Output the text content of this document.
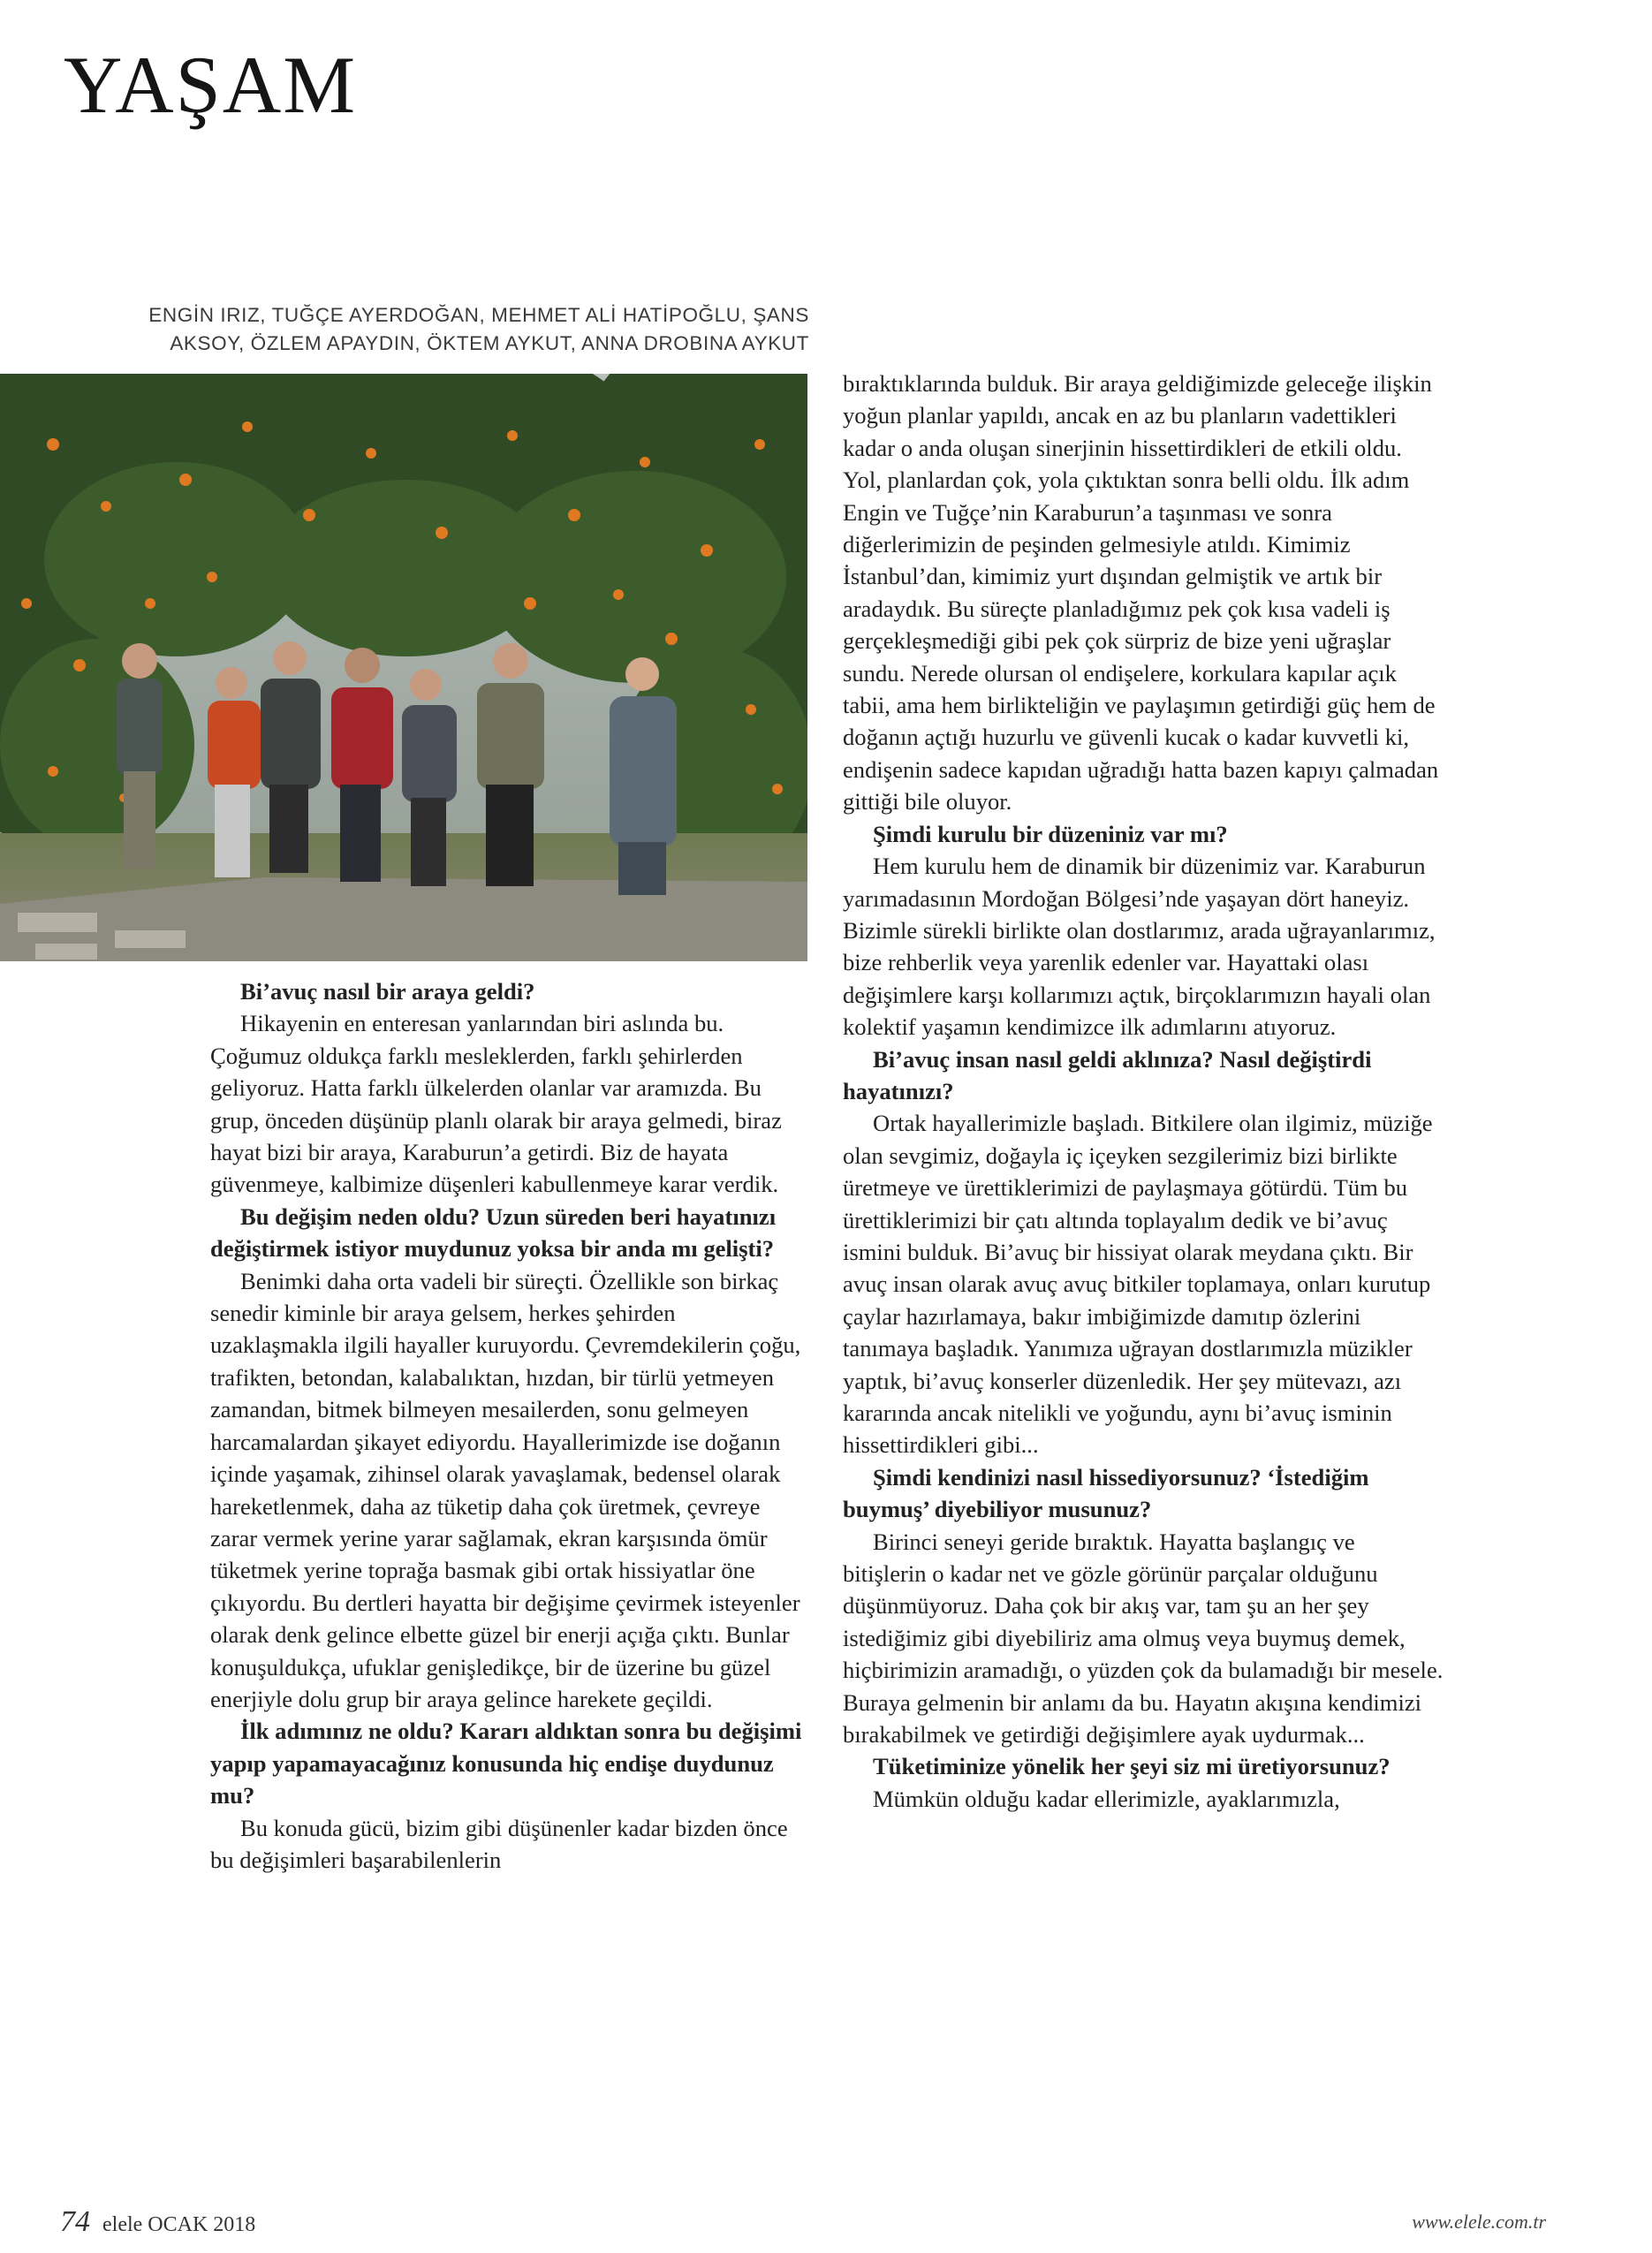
YAŞAM
ENGİN IRIZ, TUĞÇE AYERDOĞAN, MEHMET ALİ HATİPOĞLU, ŞANS
AKSOY, ÖZLEM APAYDIN, ÖKTEM AYKUT, ANNA DROBINA AYKUT

Bi’avuç nasıl bir araya geldi?

Hikayenin en enteresan yanlarından biri aslında bu. Çoğumuz oldukça farklı mesleklerden, farklı şehirlerden geliyoruz. Hatta farklı ülkelerden olanlar var aramızda. Bu grup, önceden düşünüp planlı olarak bir araya gelmedi, biraz hayat bizi bir araya, Karaburun’a getirdi. Biz de hayata güvenmeye, kalbimize düşenleri kabullenmeye karar verdik.

Bu değişim neden oldu? Uzun süreden beri hayatınızı değiştirmek istiyor muydunuz yoksa bir anda mı gelişti?

Benimki daha orta vadeli bir süreçti. Özellikle son birkaç senedir kiminle bir araya gelsem, herkes şehirden uzaklaşmakla ilgili hayaller kuruyordu. Çevremdekilerin çoğu, trafikten, betondan, kalabalıktan, hızdan, bir türlü yetmeyen zamandan, bitmek bilmeyen mesailerden, sonu gelmeyen harcamalardan şikayet ediyordu. Hayallerimizde ise doğanın içinde yaşamak, zihinsel olarak yavaşlamak, bedensel olarak hareketlenmek, daha az tüketip daha çok üretmek, çevreye zarar vermek yerine yarar sağlamak, ekran karşısında ömür tüketmek yerine toprağa basmak gibi ortak hissiyatlar öne çıkıyordu. Bu dertleri hayatta bir değişime çevirmek isteyenler olarak denk gelince elbette güzel bir enerji açığa çıktı. Bunlar konuşuldukça, ufuklar genişledikçe, bir de üzerine bu güzel enerjiyle dolu grup bir araya gelince harekete geçildi.

İlk adımınız ne oldu? Kararı aldıktan sonra bu değişimi yapıp yapamayacağınız konusunda hiç endişe duydunuz mu?

Bu konuda gücü, bizim gibi düşünenler kadar bizden önce bu değişimleri başarabilenlerin

bıraktıklarında bulduk. Bir araya geldiğimizde geleceğe ilişkin yoğun planlar yapıldı, ancak en az bu planların vadettikleri kadar o anda oluşan sinerjinin hissettirdikleri de etkili oldu. Yol, planlardan çok, yola çıktıktan sonra belli oldu. İlk adım Engin ve Tuğçe’nin Karaburun’a taşınması ve sonra diğerlerimizin de peşinden gelmesiyle atıldı. Kimimiz İstanbul’dan, kimimiz yurt dışından gelmiştik ve artık bir aradaydık. Bu süreçte planladığımız pek çok kısa vadeli iş gerçekleşmediği gibi pek çok sürpriz de bize yeni uğraşlar sundu. Nerede olursan ol endişelere, korkulara kapılar açık tabii, ama hem birlikteliğin ve paylaşımın getirdiği güç hem de doğanın açtığı huzurlu ve güvenli kucak o kadar kuvvetli ki, endişenin sadece kapıdan uğradığı hatta bazen kapıyı çalmadan gittiği bile oluyor.

Şimdi kurulu bir düzeniniz var mı?

Hem kurulu hem de dinamik bir düzenimiz var. Karaburun yarımadasının Mordoğan Bölgesi’nde yaşayan dört haneyiz. Bizimle sürekli birlikte olan dostlarımız, arada uğrayanlarımız, bize rehberlik veya yarenlik edenler var. Hayattaki olası değişimlere karşı kollarımızı açtık, birçoklarımızın hayali olan kolektif yaşamın kendimizce ilk adımlarını atıyoruz.

Bi’avuç insan nasıl geldi aklınıza? Nasıl değiştirdi hayatınızı?

Ortak hayallerimizle başladı. Bitkilere olan ilgimiz, müziğe olan sevgimiz, doğayla iç içeyken sezgilerimiz bizi birlikte üretmeye ve ürettiklerimizi de paylaşmaya götürdü. Tüm bu ürettiklerimizi bir çatı altında toplayalım dedik ve bi’avuç ismini bulduk. Bi’avuç bir hissiyat olarak meydana çıktı. Bir avuç insan olarak avuç avuç bitkiler toplamaya, onları kurutup çaylar hazırlamaya, bakır imbiğimizde damıtıp özlerini tanımaya başladık. Yanımıza uğrayan dostlarımızla müzikler yaptık, bi’avuç konserler düzenledik. Her şey mütevazı, azı kararında ancak nitelikli ve yoğundu, aynı bi’avuç isminin hissettirdikleri gibi...

Şimdi kendinizi nasıl hissediyorsunuz? ‘İstediğim buymuş’ diyebiliyor musunuz?

Birinci seneyi geride bıraktık. Hayatta başlangıç ve bitişlerin o kadar net ve gözle görünür parçalar olduğunu düşünmüyoruz. Daha çok bir akış var, tam şu an her şey istediğimiz gibi diyebiliriz ama olmuş veya buymuş demek, hiçbirimizin aramadığı, o yüzden çok da bulamadığı bir mesele. Buraya gelmenin bir anlamı da bu. Hayatın akışına kendimizi bırakabilmek ve getirdiği değişimlere ayak uydurmak...

Tüketiminize yönelik her şeyi siz mi üretiyorsunuz?

Mümkün olduğu kadar ellerimizle, ayaklarımızla,

74 elele OCAK 2018	www.elele.com.tr
